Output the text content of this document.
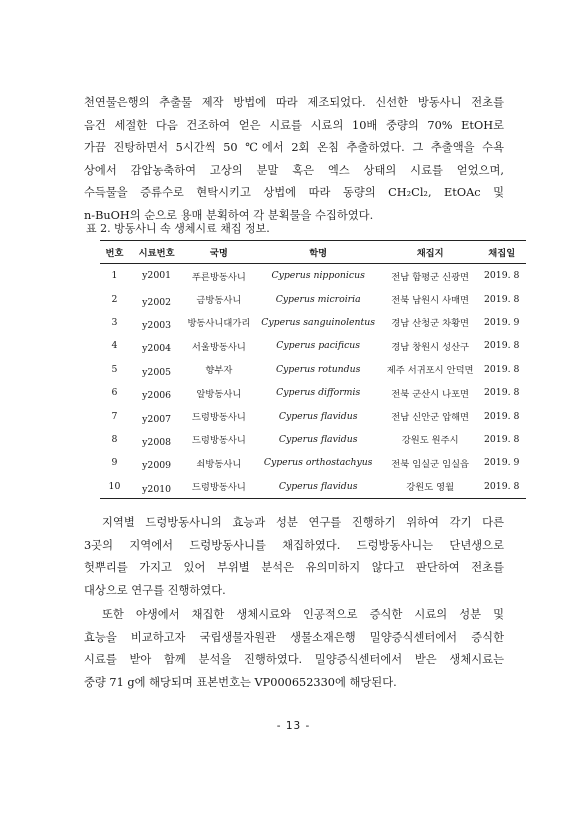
천연물은행의 추출물 제작 방법에 따라 제조되었다. 신선한 방동사니 전초를
음건 세절한 다음 건조하여 얻은 시료를 시료의 10배 중량의 70% EtOH로
가끔 진탕하면서 5시간씩 50 ℃에서 2회 온침 추출하였다. 그 추출액을 수욕
상에서 감압농축하여 고상의 분말 혹은 엑스 상태의 시료를 얻었으며,
수득물을 증류수로 현탁시키고 상법에 따라 동량의 CH₂Cl₂, EtOAc 및
n-BuOH의 순으로 용매 분획하여 각 분획물을 수집하였다.
표 2. 방동사니 속 생체시료 채집 정보.
번호	시료번호	국명	학명	채집지	채집일
1	y2001	푸른방동사니	Cyperus nipponicus	전남 함평군 신광면	2019. 8
2	y2002	금방동사니	Cyperus microiria	전북 남원시 사매면	2019. 8
3	y2003	방동사니대가리	Cyperus sanguinolentus	경남 산청군 차황면	2019. 9
4	y2004	서울방동사니	Cyperus pacificus	경남 창원시 성산구	2019. 8
5	y2005	향부자	Cyperus rotundus	제주 서귀포시 안덕면	2019. 8
6	y2006	알방동사니	Cyperus difformis	전북 군산시 나포면	2019. 8
7	y2007	드렁방동사니	Cyperus flavidus	전남 신안군 압해면	2019. 8
8	y2008	드렁방동사니	Cyperus flavidus	강원도 원주시	2019. 8
9	y2009	쇠방동사니	Cyperus orthostachyus	전북 임실군 임실읍	2019. 9
10	y2010	드렁방동사니	Cyperus flavidus	강원도 영월	2019. 8
지역별 드렁방동사니의 효능과 성분 연구를 진행하기 위하여 각기 다른
3곳의 지역에서 드렁방동사니를 채집하였다. 드렁방동사니는 단년생으로
헛뿌리를 가지고 있어 부위별 분석은 유의미하지 않다고 판단하여 전초를
대상으로 연구를 진행하였다.
또한 야생에서 채집한 생체시료와 인공적으로 증식한 시료의 성분 및
효능을 비교하고자 국립생물자원관 생물소재은행 밀양증식센터에서 증식한
시료를 받아 함께 분석을 진행하였다. 밀양증식센터에서 받은 생체시료는
중량 71 g에 해당되며 표본번호는 VP000652330에 해당된다.
- 13 -
